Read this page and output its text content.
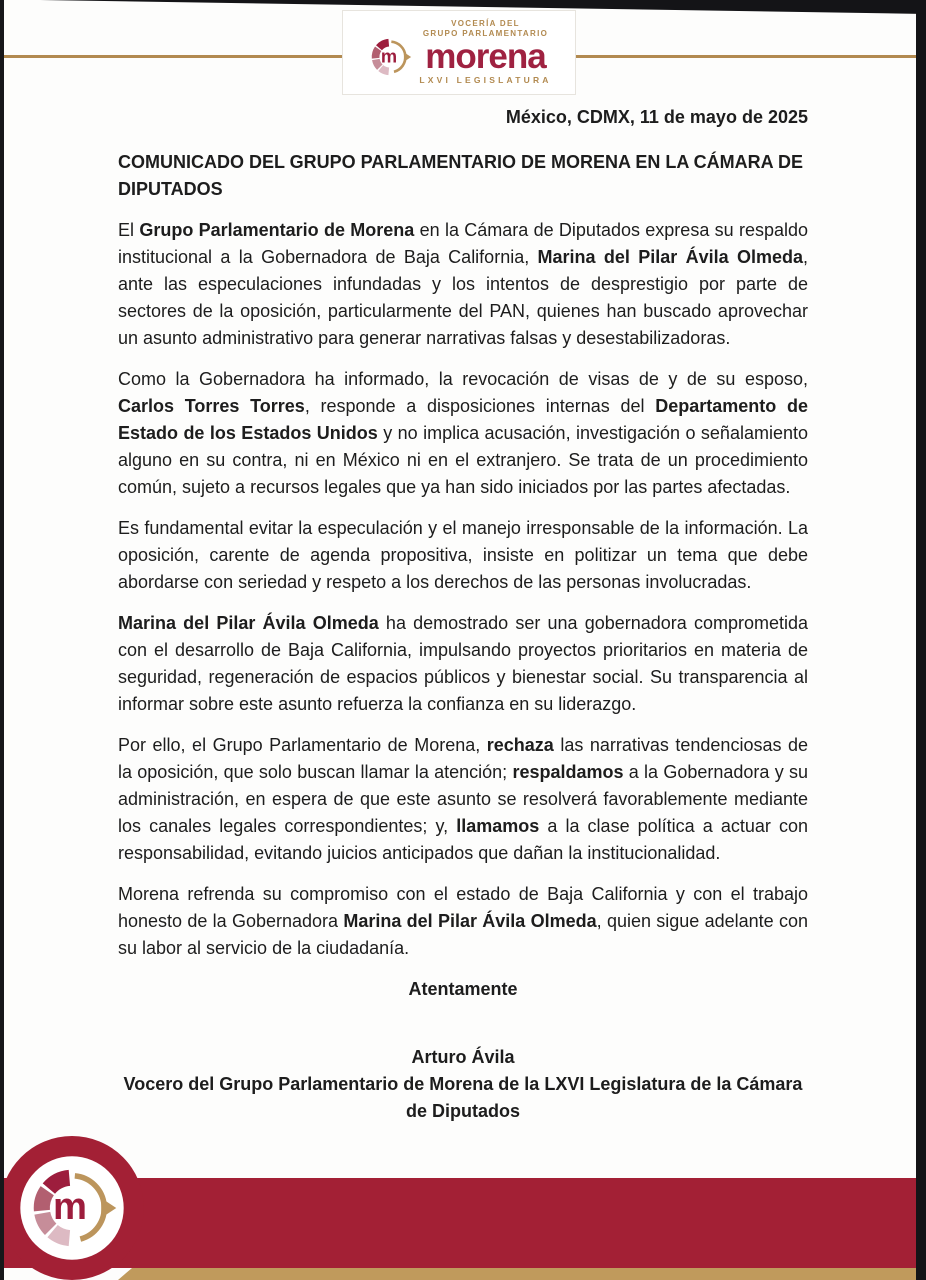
VOCERÍA DEL
GRUPO PARLAMENTARIO
morena
LXVI LEGISLATURA

México, CDMX, 11 de mayo de 2025

COMUNICADO DEL GRUPO PARLAMENTARIO DE MORENA EN LA CÁMARA DE DIPUTADOS

El Grupo Parlamentario de Morena en la Cámara de Diputados expresa su respaldo institucional a la Gobernadora de Baja California, Marina del Pilar Ávila Olmeda, ante las especulaciones infundadas y los intentos de desprestigio por parte de sectores de la oposición, particularmente del PAN, quienes han buscado aprovechar un asunto administrativo para generar narrativas falsas y desestabilizadoras.

Como la Gobernadora ha informado, la revocación de visas de y de su esposo, Carlos Torres Torres, responde a disposiciones internas del Departamento de Estado de los Estados Unidos y no implica acusación, investigación o señalamiento alguno en su contra, ni en México ni en el extranjero. Se trata de un procedimiento común, sujeto a recursos legales que ya han sido iniciados por las partes afectadas.

Es fundamental evitar la especulación y el manejo irresponsable de la información. La oposición, carente de agenda propositiva, insiste en politizar un tema que debe abordarse con seriedad y respeto a los derechos de las personas involucradas.

Marina del Pilar Ávila Olmeda ha demostrado ser una gobernadora comprometida con el desarrollo de Baja California, impulsando proyectos prioritarios en materia de seguridad, regeneración de espacios públicos y bienestar social. Su transparencia al informar sobre este asunto refuerza la confianza en su liderazgo.

Por ello, el Grupo Parlamentario de Morena, rechaza las narrativas tendenciosas de la oposición, que solo buscan llamar la atención; respaldamos a la Gobernadora y su administración, en espera de que este asunto se resolverá favorablemente mediante los canales legales correspondientes; y, llamamos a la clase política a actuar con responsabilidad, evitando juicios anticipados que dañan la institucionalidad.

Morena refrenda su compromiso con el estado de Baja California y con el trabajo honesto de la Gobernadora Marina del Pilar Ávila Olmeda, quien sigue adelante con su labor al servicio de la ciudadanía.

Atentamente

Arturo Ávila

Vocero del Grupo Parlamentario de Morena de la LXVI Legislatura de la Cámara de Diputados
